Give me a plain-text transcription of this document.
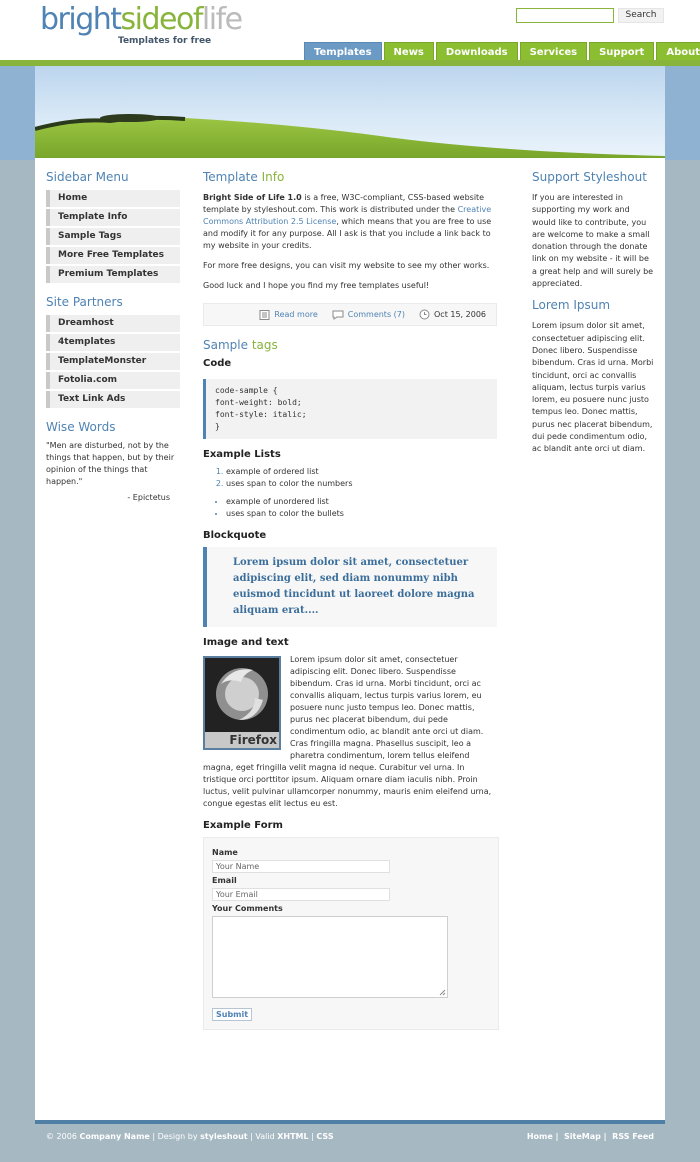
brightsideoflife
Templates for free
Search
Templates	News	Downloads	Services	Support	About
Sidebar Menu
Home
Template Info
Sample Tags
More Free Templates
Premium Templates
Site Partners
Dreamhost
4templates
TemplateMonster
Fotolia.com
Text Link Ads
Wise Words
"Men are disturbed, not by the things that happen, but by their opinion of the things that happen."
- Epictetus
Template Info

Bright Side of Life 1.0 is a free, W3C-compliant, CSS-based website template by styleshout.com. This work is distributed under the Creative Commons Attribution 2.5 License, which means that you are free to use and modify it for any purpose. All I ask is that you include a link back to my website in your credits.

For more free designs, you can visit my website to see my other works.

Good luck and I hope you find my free templates useful!

Read more	Comments (7)	Oct 15, 2006
Sample tags
Code
code-sample {
font-weight: bold;
font-style: italic;
}
Example Lists
1. example of ordered list
2. uses span to color the numbers
• example of unordered list
• uses span to color the bullets
Blockquote
Lorem ipsum dolor sit amet, consectetuer adipiscing elit, sed diam nonummy nibh euismod tincidunt ut laoreet dolore magna aliquam erat....
Image and text
Firefox
Lorem ipsum dolor sit amet, consectetuer adipiscing elit. Donec libero. Suspendisse bibendum. Cras id urna. Morbi tincidunt, orci ac convallis aliquam, lectus turpis varius lorem, eu posuere nunc justo tempus leo. Donec mattis, purus nec placerat bibendum, dui pede condimentum odio, ac blandit ante orci ut diam. Cras fringilla magna. Phasellus suscipit, leo a pharetra condimentum, lorem tellus eleifend magna, eget fringilla velit magna id neque. Curabitur vel urna. In tristique orci porttitor ipsum. Aliquam ornare diam iaculis nibh. Proin luctus, velit pulvinar ullamcorper nonummy, mauris enim eleifend urna, congue egestas elit lectus eu est.
Example Form
Name
Your Name
Email
Your Email
Your Comments
Submit
Support Styleshout

If you are interested in supporting my work and would like to contribute, you are welcome to make a small donation through the donate link on my website - it will be a great help and will surely be appreciated.

Lorem Ipsum

Lorem ipsum dolor sit amet, consectetuer adipiscing elit. Donec libero. Suspendisse bibendum. Cras id urna. Morbi tincidunt, orci ac convallis aliquam, lectus turpis varius lorem, eu posuere nunc justo tempus leo. Donec mattis, purus nec placerat bibendum, dui pede condimentum odio, ac blandit ante orci ut diam.

© 2006 Company Name | Design by styleshout | Valid XHTML | CSS	Home |  SiteMap |  RSS Feed
